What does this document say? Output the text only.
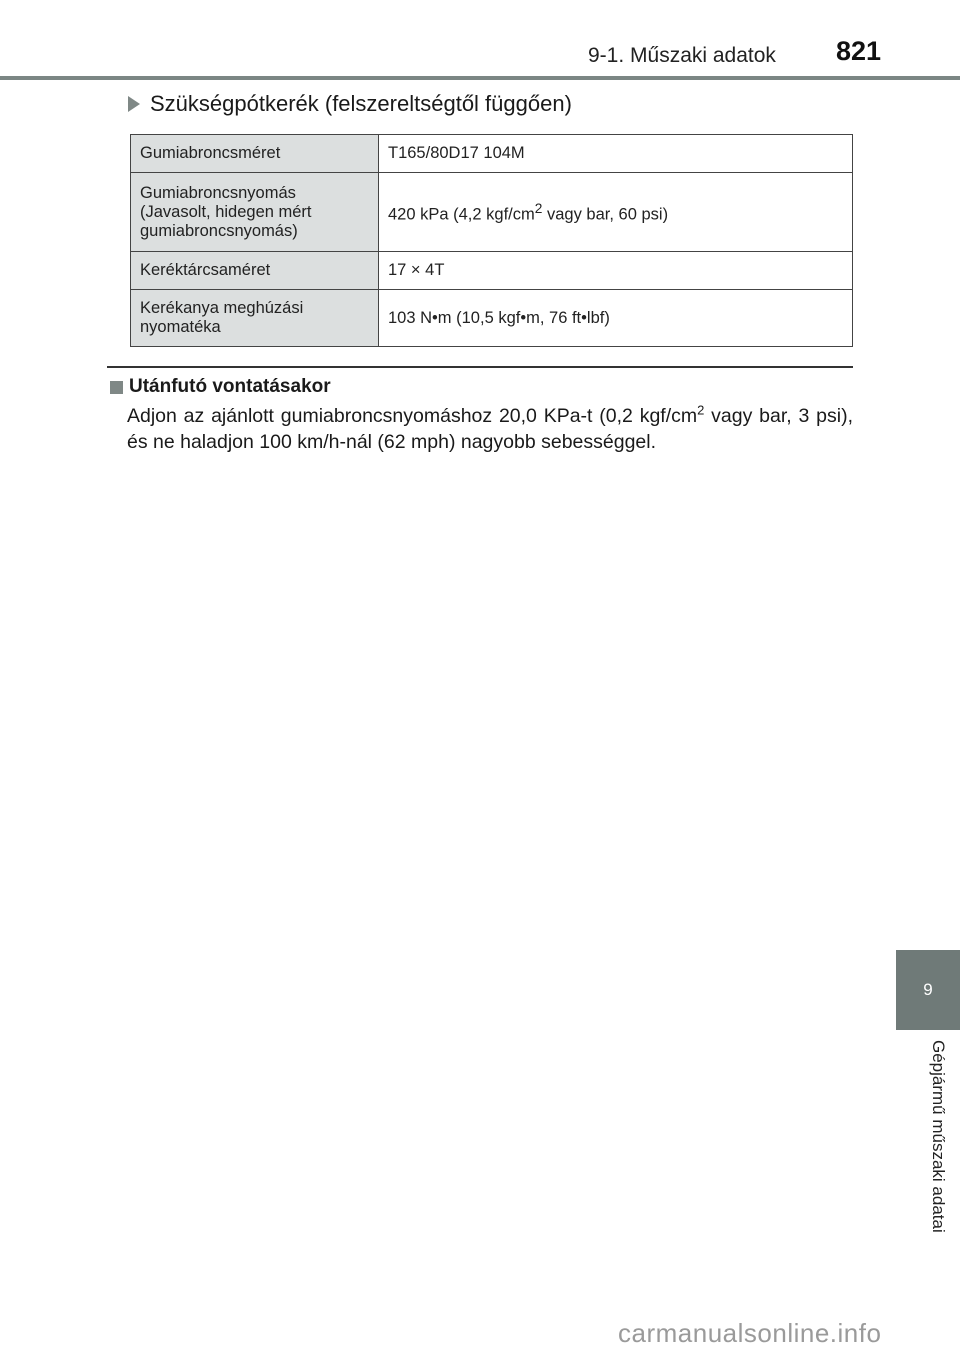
9-1. Műszaki adatok 821
Szükségpótkerék (felszereltségtől függően)
Gumiabroncsméret	T165/80D17 104M
Gumiabroncsnyomás (Javasolt, hidegen mért gumiabroncsnyomás)	420 kPa (4,2 kgf/$cm^2$ vagy bar, 60 psi)
Keréktárcsaméret	17 × 4T
Kerékanya meghúzási nyomatéka	103 N•m (10,5 kgf•m, 76 ft•lbf)
Utánfutó vontatásakor
Adjon az ajánlott gumiabroncsnyomáshoz 20,0 KPa-t (0,2 kgf/$cm^2$ vagy bar, 3 psi), és ne haladjon 100 km/h-nál (62 mph) nagyobb sebességgel.
9
Gépjármű műszaki adatai
carmanualsonline.info
